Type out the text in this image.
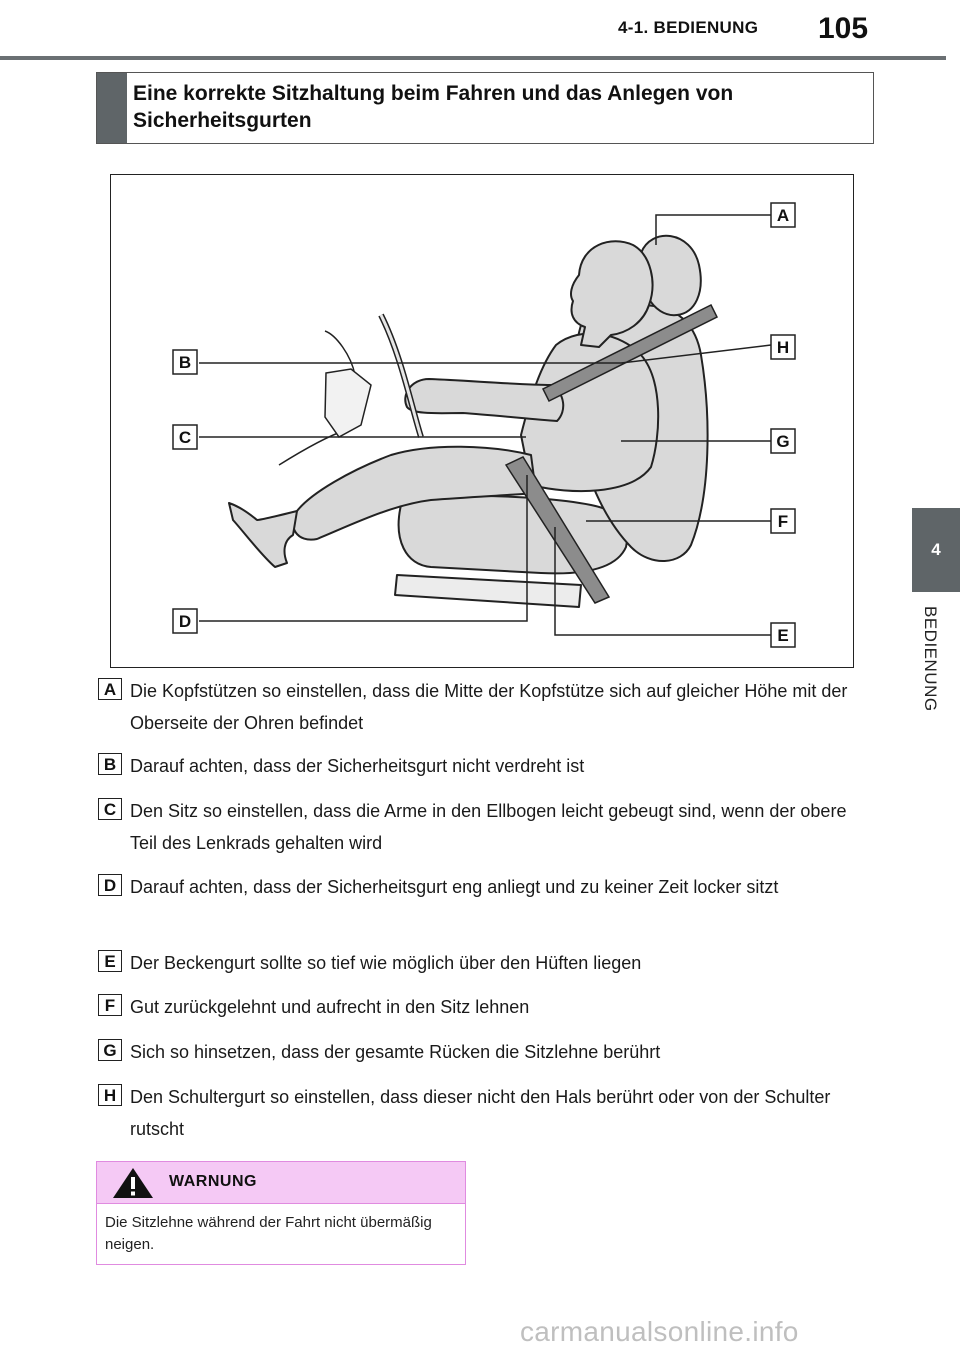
4-1. BEDIENUNG 105
4
BEDIENUNG
Eine korrekte Sitzhaltung beim Fahren und das Anlegen von Sicherheitsgurten
A
B
C
D
E
F
G
H
A Die Kopfstützen so einstellen, dass die Mitte der Kopfstütze sich auf gleicher Höhe mit der Oberseite der Ohren befindet
B Darauf achten, dass der Sicherheitsgurt nicht verdreht ist
C Den Sitz so einstellen, dass die Arme in den Ellbogen leicht gebeugt sind, wenn der obere Teil des Lenkrads gehalten wird
D Darauf achten, dass der Sicherheitsgurt eng anliegt und zu keiner Zeit locker sitzt
E Der Beckengurt sollte so tief wie möglich über den Hüften liegen
F Gut zurückgelehnt und aufrecht in den Sitz lehnen
G Sich so hinsetzen, dass der gesamte Rücken die Sitzlehne berührt
H Den Schultergurt so einstellen, dass dieser nicht den Hals berührt oder von der Schulter rutscht
WARNUNG
Die Sitzlehne während der Fahrt nicht übermäßig neigen.
carmanualsonline.info
